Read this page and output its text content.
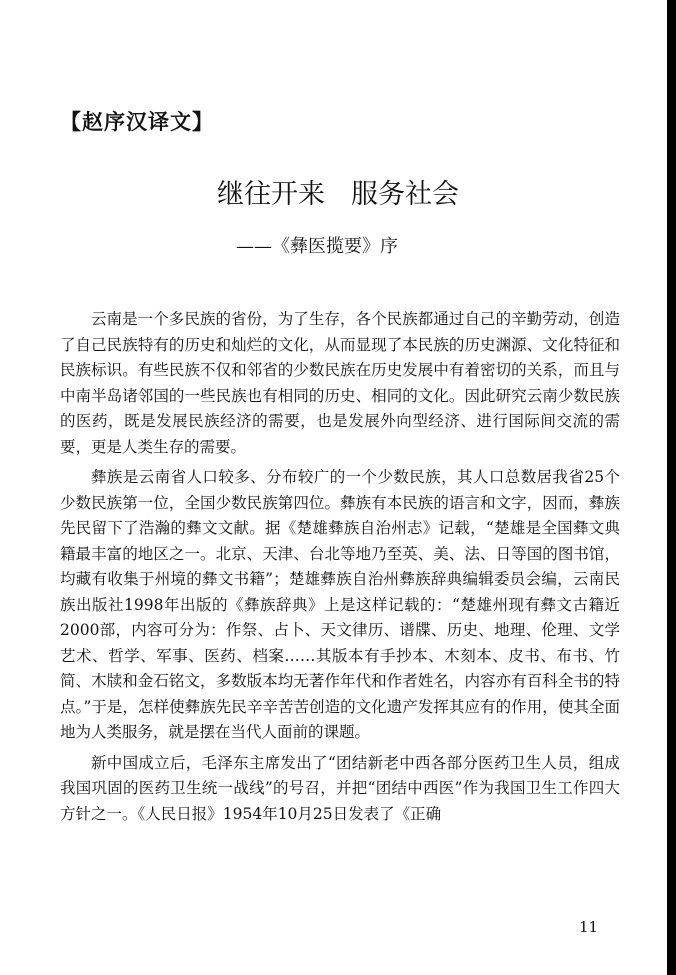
【赵序汉译文】
继往开来 服务社会
——《彝医揽要》序

云南是一个多民族的省份，为了生存，各个民族都通过自己的辛勤劳动，创造了自己民族特有的历史和灿烂的文化，从而显现了本民族的历史渊源、文化特征和民族标识。有些民族不仅和邻省的少数民族在历史发展中有着密切的关系，而且与中南半岛诸邻国的一些民族也有相同的历史、相同的文化。因此研究云南少数民族的医药，既是发展民族经济的需要，也是发展外向型经济、进行国际间交流的需要，更是人类生存的需要。

彝族是云南省人口较多、分布较广的一个少数民族，其人口总数居我省25个少数民族第一位，全国少数民族第四位。彝族有本民族的语言和文字，因而，彝族先民留下了浩瀚的彝文文献。据《楚雄彝族自治州志》记载，“楚雄是全国彝文典籍最丰富的地区之一。北京、天津、台北等地乃至英、美、法、日等国的图书馆，均藏有收集于州境的彝文书籍”；楚雄彝族自治州彝族辞典编辑委员会编，云南民族出版社1998年出版的《彝族辞典》上是这样记载的：“楚雄州现有彝文古籍近2000部，内容可分为：作祭、占卜、天文律历、谱牒、历史、地理、伦理、文学艺术、哲学、军事、医药、档案……其版本有手抄本、木刻本、皮书、布书、竹简、木牍和金石铭文，多数版本均无著作年代和作者姓名，内容亦有百科全书的特点。”于是，怎样使彝族先民辛辛苦苦创造的文化遗产发挥其应有的作用，使其全面地为人类服务，就是摆在当代人面前的课题。

新中国成立后，毛泽东主席发出了“团结新老中西各部分医药卫生人员，组成我国巩固的医药卫生统一战线”的号召，并把“团结中西医”作为我国卫生工作四大方针之一。《人民日报》1954年10月25日发表了《正确

11
